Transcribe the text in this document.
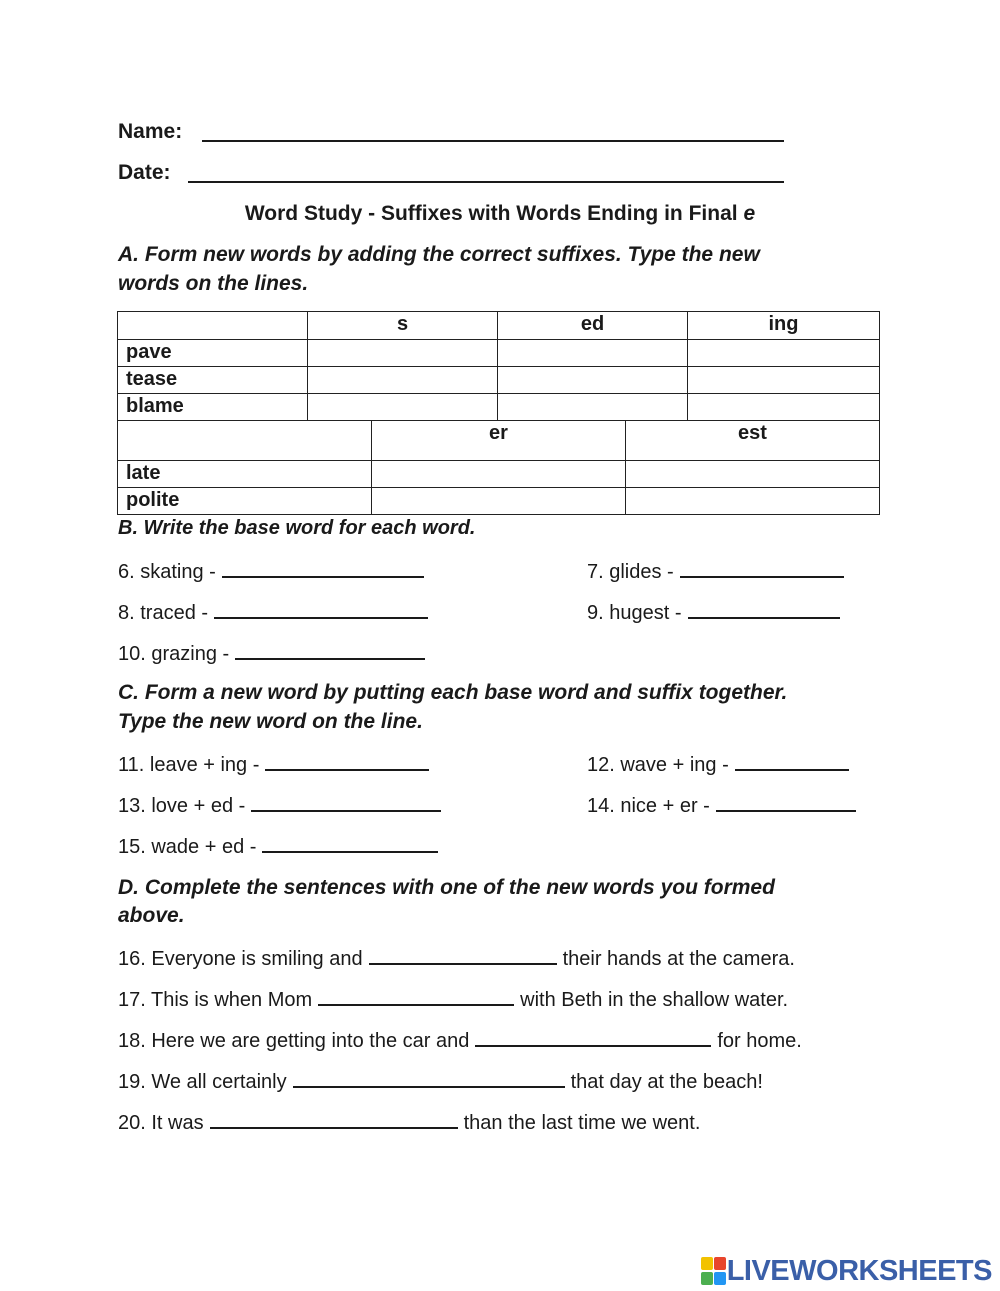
Name:
Date:
Word Study - Suffixes with Words Ending in Final e
A. Form new words by adding the correct suffixes. Type the new
words on the lines.
	s	ed	ing
pave			
tease			
blame			
	er	est
late		
polite		
B. Write the base word for each word.
6. skating -	7. glides -
8. traced -	9. hugest -
10. grazing -
C. Form a new word by putting each base word and suffix together.
Type the new word on the line.
11. leave + ing -	12. wave + ing -
13. love + ed -	14. nice + er -
15. wade + ed -
D. Complete the sentences with one of the new words you formed
above.
16. Everyone is smiling and	their hands at the camera.
17. This is when Mom	with Beth in the shallow water.
18. Here we are getting into the car and	for home.
19. We all certainly	that day at the beach!
20. It was	than the last time we went.
LIVEWORKSHEETS
